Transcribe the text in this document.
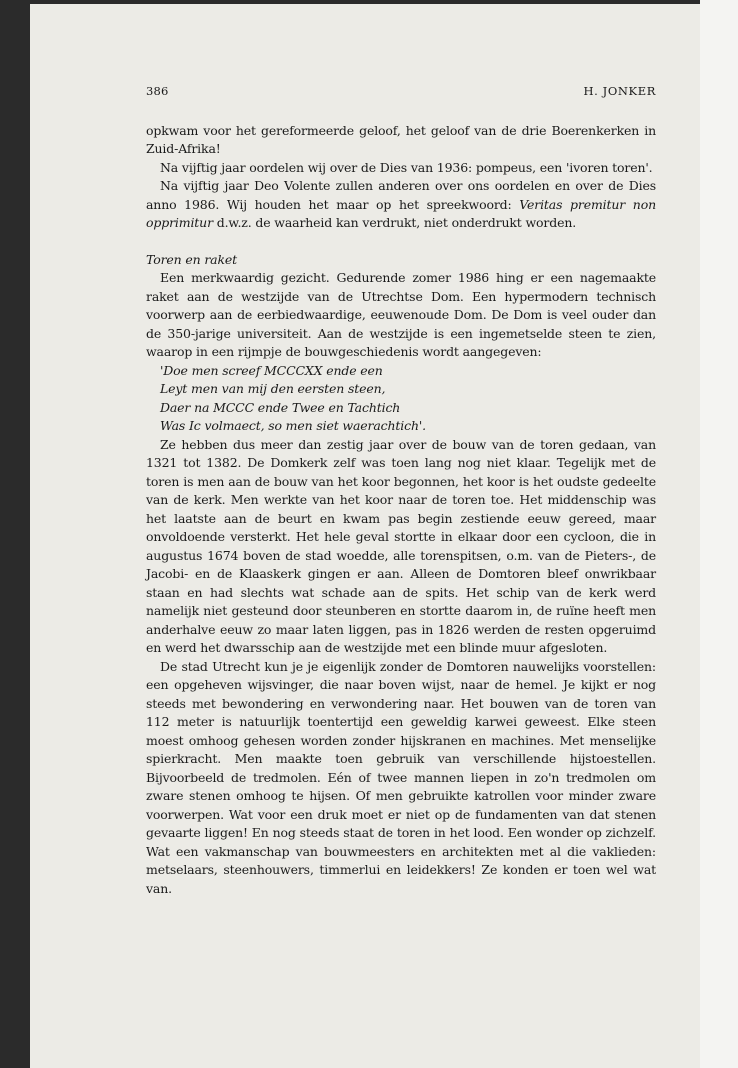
386	H. JONKER

opkwam voor het gereformeerde geloof, het geloof van de drie Boerenkerken in Zuid-Afrika!

Na vijftig jaar oordelen wij over de Dies van 1936: pompeus, een 'ivoren toren'.

Na vijftig jaar Deo Volente zullen anderen over ons oordelen en over de Dies anno 1986. Wij houden het maar op het spreekwoord: Veritas premitur non opprimitur d.w.z. de waarheid kan verdrukt, niet onderdrukt worden.

Toren en raket

Een merkwaardig gezicht. Gedurende zomer 1986 hing er een nagemaakte raket aan de westzijde van de Utrechtse Dom. Een hypermodern technisch voorwerp aan de eerbiedwaardige, eeuwenoude Dom. De Dom is veel ouder dan de 350-jarige universiteit. Aan de westzijde is een ingemetselde steen te zien, waarop in een rijmpje de bouwgeschiedenis wordt aangegeven:

'Doe men screef MCCCXX ende een
Leyt men van mij den eersten steen,
Daer na MCCC ende Twee en Tachtich
Was Ic volmaect, so men siet waerachtich'.

Ze hebben dus meer dan zestig jaar over de bouw van de toren gedaan, van 1321 tot 1382. De Domkerk zelf was toen lang nog niet klaar. Tegelijk met de toren is men aan de bouw van het koor begonnen, het koor is het oudste gedeelte van de kerk. Men werkte van het koor naar de toren toe. Het middenschip was het laatste aan de beurt en kwam pas begin zestiende eeuw gereed, maar onvoldoende versterkt. Het hele geval stortte in elkaar door een cycloon, die in augustus 1674 boven de stad woedde, alle torenspitsen, o.m. van de Pieters-, de Jacobi- en de Klaaskerk gingen er aan. Alleen de Domtoren bleef onwrikbaar staan en had slechts wat schade aan de spits. Het schip van de kerk werd namelijk niet gesteund door steunberen en stortte daarom in, de ruïne heeft men anderhalve eeuw zo maar laten liggen, pas in 1826 werden de resten opgeruimd en werd het dwarsschip aan de westzijde met een blinde muur afgesloten.

De stad Utrecht kun je je eigenlijk zonder de Domtoren nauwelijks voorstellen: een opgeheven wijsvinger, die naar boven wijst, naar de hemel. Je kijkt er nog steeds met bewondering en verwondering naar. Het bouwen van de toren van 112 meter is natuurlijk toentertijd een geweldig karwei geweest. Elke steen moest omhoog gehesen worden zonder hijskranen en machines. Met menselijke spierkracht. Men maakte toen gebruik van verschillende hijstoestellen. Bijvoorbeeld de tredmolen. Eén of twee mannen liepen in zo'n tredmolen om zware stenen omhoog te hijsen. Of men gebruikte katrollen voor minder zware voorwerpen. Wat voor een druk moet er niet op de fundamenten van dat stenen gevaarte liggen! En nog steeds staat de toren in het lood. Een wonder op zichzelf. Wat een vakmanschap van bouwmeesters en architekten met al die vaklieden: metselaars, steenhouwers, timmerlui en leidekkers! Ze konden er toen wel wat van.
